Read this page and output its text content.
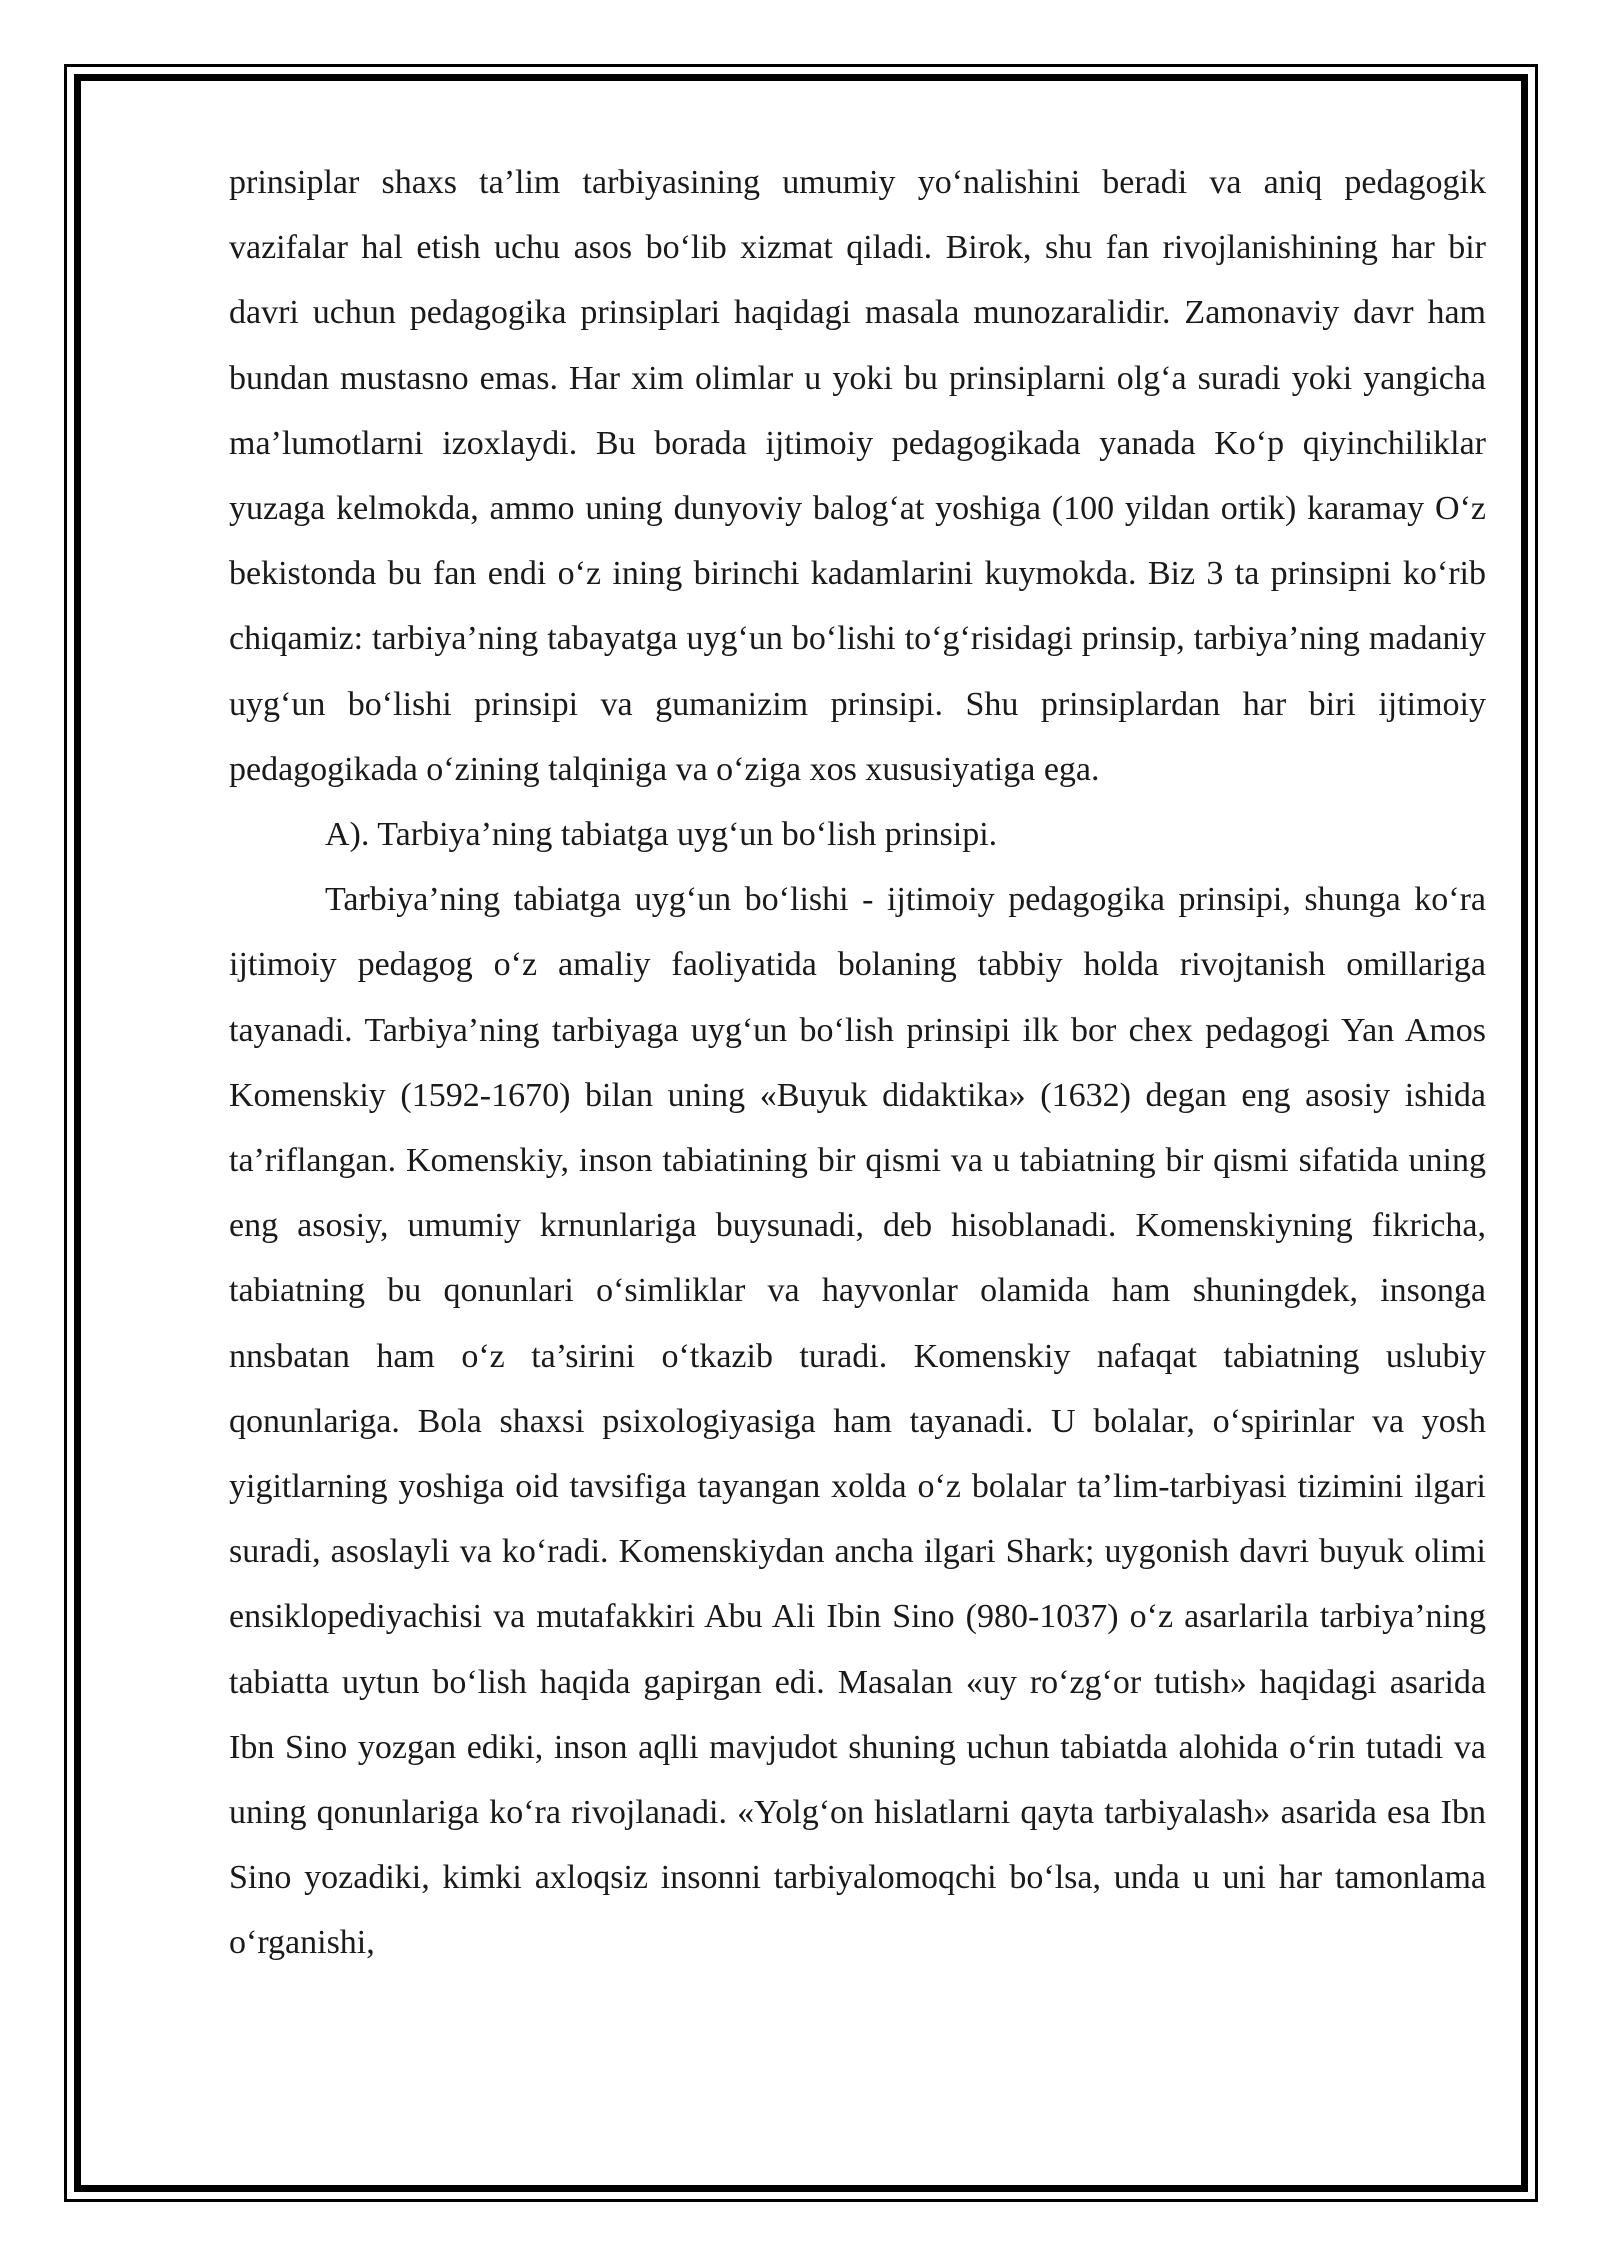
prinsiplar shaxs ta’lim tarbiyasining umumiy yo‘nalishini beradi va aniq pedagogik vazifalar hal etish uchu asos bo‘lib xizmat qiladi. Birok, shu fan rivojlanishining har bir davri uchun pedagogika prinsiplari haqidagi masala munozaralidir. Zamonaviy davr ham bundan mustasno emas. Har xim olimlar u yoki bu prinsiplarni olg‘a suradi yoki yangicha ma’lumotlarni izoxlaydi. Bu borada ijtimoiy pedagogikada yanada Ko‘p qiyinchiliklar yuzaga kelmokda, ammo uning dunyoviy balog‘at yoshiga (100 yildan ortik) karamay O‘z bekistonda bu fan endi o‘z ining birinchi kadamlarini kuymokda. Biz 3 ta prinsipni ko‘rib chiqamiz: tarbiya’ning tabayatga uyg‘un bo‘lishi to‘g‘risidagi prinsip, tarbiya’ning madaniy uyg‘un bo‘lishi prinsipi va gumanizim prinsipi. Shu prinsiplardan har biri ijtimoiy pedagogikada o‘zining talqiniga va o‘ziga xos xususiyatiga ega.

A). Tarbiya’ning tabiatga uyg‘un bo‘lish prinsipi.

Tarbiya’ning tabiatga uyg‘un bo‘lishi - ijtimoiy pedagogika prinsipi, shunga ko‘ra ijtimoiy pedagog o‘z amaliy faoliyatida bolaning tabbiy holda rivojtanish omillariga tayanadi. Tarbiya’ning tarbiyaga uyg‘un bo‘lish prinsipi ilk bor chex pedagogi Yan Amos Komenskiy (1592-1670) bilan uning «Buyuk didaktika» (1632) degan eng asosiy ishida ta’riflangan. Komenskiy, inson tabiatining bir qismi va u tabiatning bir qismi sifatida uning eng asosiy, umumiy krnunlariga buysunadi, deb hisoblanadi. Komenskiyning fikricha, tabiatning bu qonunlari o‘simliklar va hayvonlar olamida ham shuningdek, insonga nnsbatan ham o‘z ta’sirini o‘tkazib turadi. Komenskiy nafaqat tabiatning uslubiy qonunlariga. Bola shaxsi psixologiyasiga ham tayanadi. U bolalar, o‘spirinlar va yosh yigitlarning yoshiga oid tavsifiga tayangan xolda o‘z bolalar ta’lim-tarbiyasi tizimini ilgari suradi, asoslayli va ko‘radi. Komenskiydan ancha ilgari Shark; uygonish davri buyuk olimi ensiklopediyachisi va mutafakkiri Abu Ali Ibin Sino (980-1037) o‘z asarlarila tarbiya’ning tabiatta uytun bo‘lish haqida gapirgan edi. Masalan «uy ro‘zg‘or tutish» haqidagi asarida Ibn Sino yozgan ediki, inson aqlli mavjudot shuning uchun tabiatda alohida o‘rin tutadi va uning qonunlariga ko‘ra rivojlanadi. «Yolg‘on hislatlarni qayta tarbiyalash» asarida esa Ibn Sino yozadiki, kimki axloqsiz insonni tarbiyalomoqchi bo‘lsa, unda u uni har tamonlama o‘rganishi,
